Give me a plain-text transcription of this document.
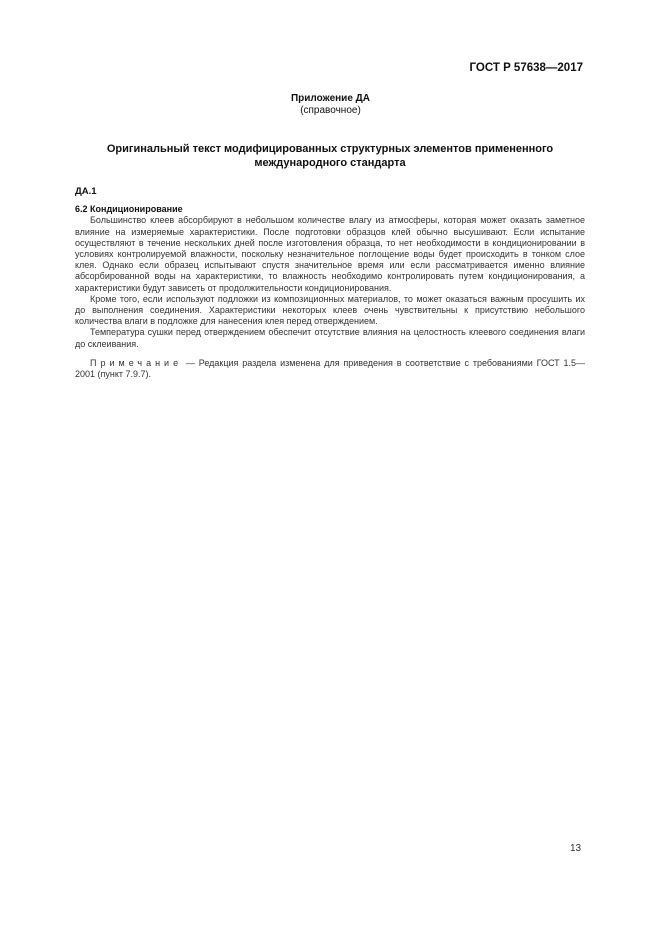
ГОСТ Р 57638—2017
Приложение ДА
(справочное)
Оригинальный текст модифицированных структурных элементов примененного международного стандарта
ДА.1
6.2 Кондиционирование

Большинство клеев абсорбируют в небольшом количестве влагу из атмосферы, которая может оказать заметное влияние на измеряемые характеристики. После подготовки образцов клей обычно высушивают. Если испытание осуществляют в течение нескольких дней после изготовления образца, то нет необходимости в кондиционировании в условиях контролируемой влажности, поскольку незначительное поглощение воды будет происходить в тонком слое клея. Однако если образец испытывают спустя значительное время или если рассматривается именно влияние абсорбированной воды на характеристики, то влажность необходимо контролировать путем кондиционирования, а характеристики будут зависеть от продолжительности кондиционирования.

Кроме того, если используют подложки из композиционных материалов, то может оказаться важным просушить их до выполнения соединения. Характеристики некоторых клеев очень чувствительны к присутствию небольшого количества влаги в подложке для нанесения клея перед отверждением.

Температура сушки перед отверждением обеспечит отсутствие влияния на целостность клеевого соединения влаги до склеивания.

Примечание — Редакция раздела изменена для приведения в соответствие с требованиями ГОСТ 1.5—2001 (пункт 7.9.7).

13
